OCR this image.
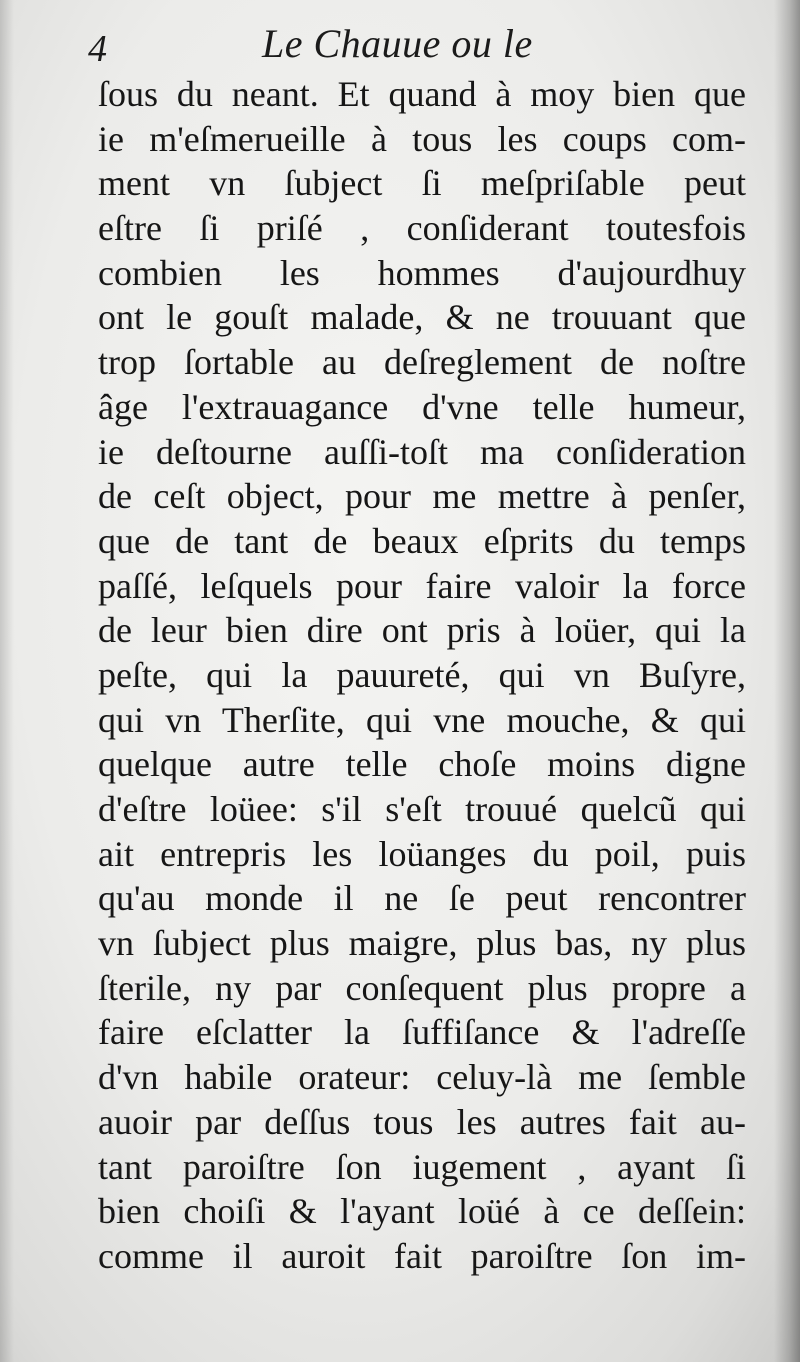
4	Le Chauue ou le
ſous du neant. Et quand à moy bien que
ie m'eſmerueille à tous les coups com-
ment vn ſubject ſi meſpriſable peut
eſtre ſi priſé , conſiderant toutesfois
combien les hommes d'aujourdhuy
ont le gouſt malade, & ne trouuant que
trop ſortable au deſreglement de noſtre
âge l'extrauagance d'vne telle humeur,
ie deſtourne auſſi-toſt ma conſideration
de ceſt object, pour me mettre à penſer,
que de tant de beaux eſprits du temps
paſſé, leſquels pour faire valoir la force
de leur bien dire ont pris à loüer, qui la
peſte, qui la pauureté, qui vn Buſyre,
qui vn Therſite, qui vne mouche, & qui
quelque autre telle choſe moins digne
d'eſtre loüee: s'il s'eſt trouué quelcũ qui
ait entrepris les loüanges du poil, puis
qu'au monde il ne ſe peut rencontrer
vn ſubject plus maigre, plus bas, ny plus
ſterile, ny par conſequent plus propre a
faire eſclatter la ſuffiſance & l'adreſſe
d'vn habile orateur: celuy-là me ſemble
auoir par deſſus tous les autres fait au-
tant paroiſtre ſon iugement , ayant ſi
bien choiſi & l'ayant loüé à ce deſſein:
comme il auroit fait paroiſtre ſon im-
